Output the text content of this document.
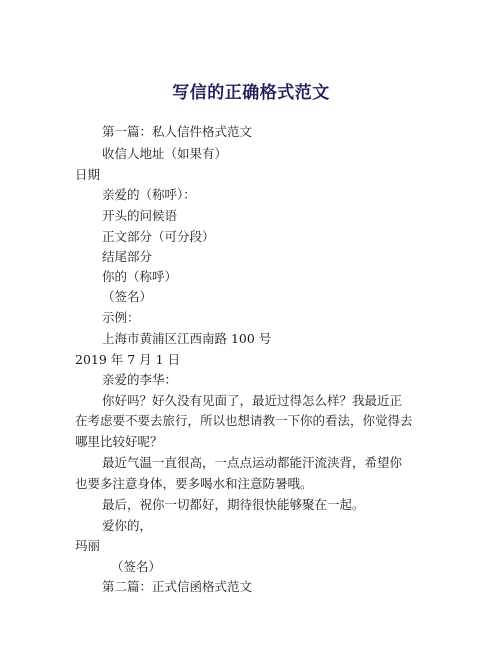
写信的正确格式范文
第一篇：私人信件格式范文
收信人地址（如果有）
日期
亲爱的（称呼）：
开头的问候语
正文部分（可分段）
结尾部分
你的（称呼）
（签名）
示例：
上海市黄浦区江西南路 100 号
2019 年 7 月 1 日
亲爱的李华：
你好吗？好久没有见面了，最近过得怎么样？我最近正
在考虑要不要去旅行，所以也想请教一下你的看法，你觉得去
哪里比较好呢？
最近气温一直很高，一点点运动都能汗流浃背，希望你
也要多注意身体，要多喝水和注意防暑哦。
最后，祝你一切都好，期待很快能够聚在一起。
爱你的，
玛丽
（签名）
第二篇：正式信函格式范文
